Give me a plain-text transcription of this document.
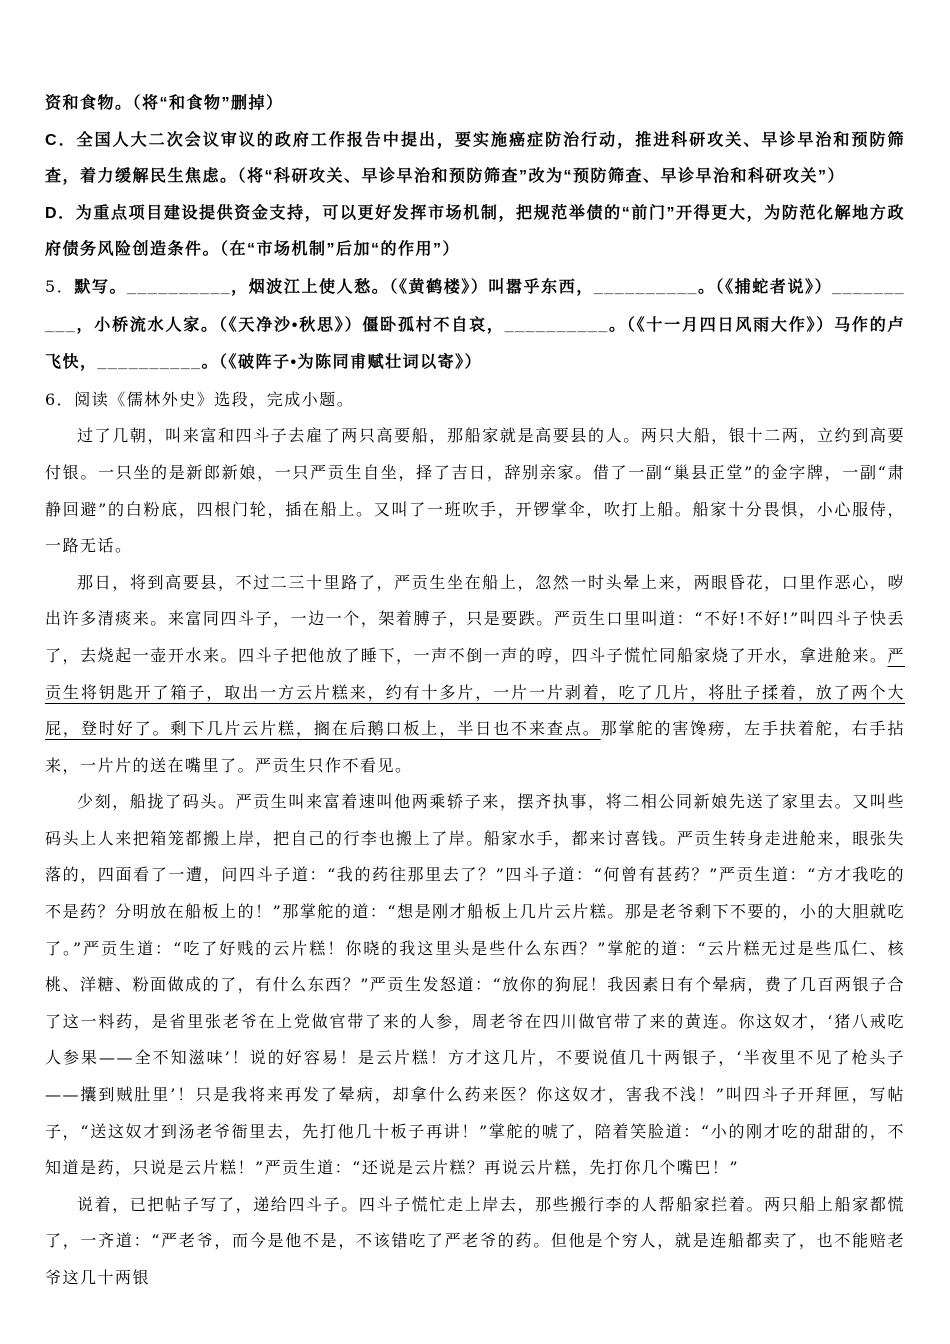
资和食物。（将“和食物”删掉）

C．全国人大二次会议审议的政府工作报告中提出，要实施癌症防治行动，推进科研攻关、早诊早治和预防筛查，着力缓解民生焦虑。（将“科研攻关、早诊早治和预防筛查”改为“预防筛查、早诊早治和科研攻关”）

D．为重点项目建设提供资金支持，可以更好发挥市场机制，把规范举债的“前门”开得更大，为防范化解地方政府债务风险创造条件。（在“市场机制”后加“的作用”）

5．默写。__________，烟波江上使人愁。（《黄鹤楼》）叫嚣乎东西，__________。（《捕蛇者说》）__________，小桥流水人家。（《天净沙•秋思》）僵卧孤村不自哀，__________。（《十一月四日风雨大作》）马作的卢飞快，__________。（《破阵子•为陈同甫赋壮词以寄》）

6．阅读《儒林外史》选段，完成小题。

过了几朝，叫来富和四斗子去雇了两只高要船，那船家就是高要县的人。两只大船，银十二两，立约到高要付银。一只坐的是新郎新娘，一只严贡生自坐，择了吉日，辞别亲家。借了一副“巢县正堂”的金字牌，一副“肃静回避”的白粉底，四根门轮，插在船上。又叫了一班吹手，开锣掌伞，吹打上船。船家十分畏惧，小心服侍，一路无话。

那日，将到高要县，不过二三十里路了，严贡生坐在船上，忽然一时头晕上来，两眼昏花，口里作恶心，哕出许多清痰来。来富同四斗子，一边一个，架着膊子，只是要跌。严贡生口里叫道：“不好!不好!”叫四斗子快丢了，去烧起一壶开水来。四斗子把他放了睡下，一声不倒一声的哼，四斗子慌忙同船家烧了开水，拿进舱来。严贡生将钥匙开了箱子，取出一方云片糕来，约有十多片，一片一片剥着，吃了几片，将肚子揉着，放了两个大屁，登时好了。剩下几片云片糕，搁在后鹅口板上，半日也不来查点。那掌舵的害馋痨，左手扶着舵，右手拈来，一片片的送在嘴里了。严贡生只作不看见。

少刻，船拢了码头。严贡生叫来富着速叫他两乘轿子来，摆齐执事，将二相公同新娘先送了家里去。又叫些码头上人来把箱笼都搬上岸，把自己的行李也搬上了岸。船家水手，都来讨喜钱。严贡生转身走进舱来，眼张失落的，四面看了一遭，问四斗子道：“我的药往那里去了？”四斗子道：“何曾有甚药？”严贡生道：“方才我吃的不是药？分明放在船板上的！”那掌舵的道：“想是刚才船板上几片云片糕。那是老爷剩下不要的，小的大胆就吃了。”严贡生道：“吃了好贱的云片糕！你晓的我这里头是些什么东西？”掌舵的道：“云片糕无过是些瓜仁、核桃、洋糖、粉面做成的了，有什么东西？”严贡生发怒道：“放你的狗屁！我因素日有个晕病，费了几百两银子合了这一料药，是省里张老爷在上党做官带了来的人参，周老爷在四川做官带了来的黄连。你这奴才，‘猪八戒吃人参果——全不知滋味’！说的好容易！是云片糕！方才这几片，不要说值几十两银子，‘半夜里不见了枪头子——攮到贼肚里’！只是我将来再发了晕病，却拿什么药来医？你这奴才，害我不浅！”叫四斗子开拜匣，写帖子，“送这奴才到汤老爷衙里去，先打他几十板子再讲！”掌舵的唬了，陪着笑脸道：“小的刚才吃的甜甜的，不知道是药，只说是云片糕！”严贡生道：“还说是云片糕？再说云片糕，先打你几个嘴巴！”

说着，已把帖子写了，递给四斗子。四斗子慌忙走上岸去，那些搬行李的人帮船家拦着。两只船上船家都慌了，一齐道：“严老爷，而今是他不是，不该错吃了严老爷的药。但他是个穷人，就是连船都卖了，也不能赔老爷这几十两银
